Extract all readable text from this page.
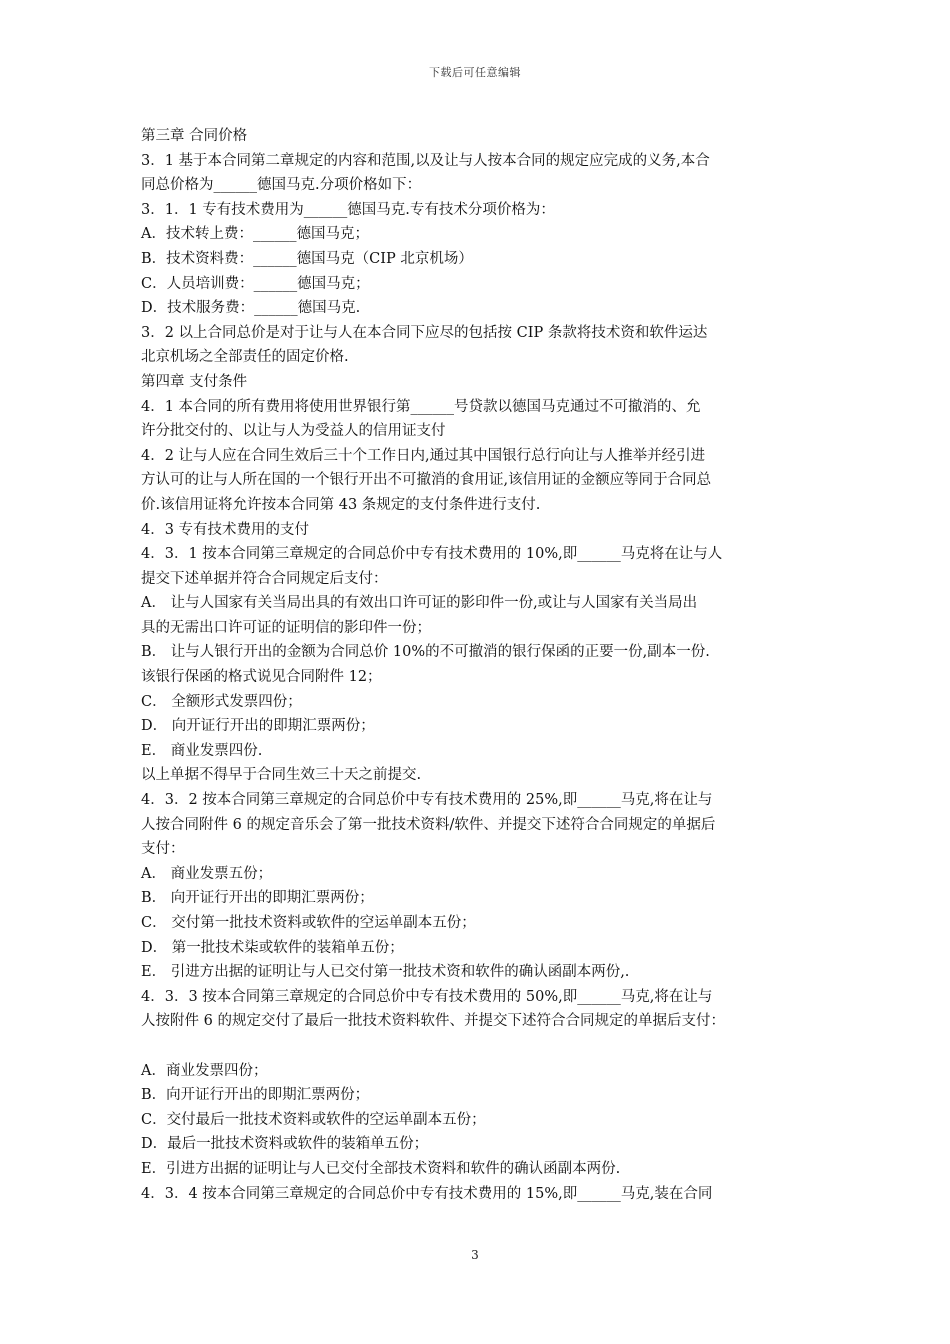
下载后可任意编辑
第三章 合同价格
3．1 基于本合同第二章规定的内容和范围,以及让与人按本合同的规定应完成的义务,本合
同总价格为______德国马克.分项价格如下：
3．1．1 专有技术费用为______德国马克.专有技术分项价格为：
A．技术转上费：______德国马克；
B．技术资料费：______德国马克（CIP 北京机场）
C．人员培训费：______德国马克；
D．技术服务费：______德国马克.
3．2 以上合同总价是对于让与人在本合同下应尽的包括按 CIP 条款将技术资和软件运达
北京机场之全部责任的固定价格.
第四章 支付条件
4．1 本合同的所有费用将使用世界银行第______号贷款以德国马克通过不可撤消的、允
许分批交付的、以让与人为受益人的信用证支付
4．2 让与人应在合同生效后三十个工作日内,通过其中国银行总行向让与人推举并经引进
方认可的让与人所在国的一个银行开出不可撤消的食用证,该信用证的金额应等同于合同总
价.该信用证将允许按本合同第 43 条规定的支付条件进行支付.
4．3 专有技术费用的支付
4．3．1 按本合同第三章规定的合同总价中专有技术费用的 10%,即______马克将在让与人
提交下述单据并符合合同规定后支付：
A． 让与人国家有关当局出具的有效出口许可证的影印件一份,或让与人国家有关当局出
具的无需出口许可证的证明信的影印件一份；
B． 让与人银行开出的金额为合同总价 10%的不可撤消的银行保函的正要一份,副本一份.
该银行保函的格式说见合同附件 12；
C． 全额形式发票四份；
D． 向开证行开出的即期汇票两份；
E． 商业发票四份.
以上单据不得早于合同生效三十天之前提交.
4．3．2 按本合同第三章规定的合同总价中专有技术费用的 25%,即______马克,将在让与
人按合同附件 6 的规定音乐会了第一批技术资料/软件、并提交下述符合合同规定的单据后
支付：
A． 商业发票五份；
B． 向开证行开出的即期汇票两份；
C． 交付第一批技术资料或软件的空运单副本五份；
D． 第一批技术柒或软件的装箱单五份；
E． 引进方出据的证明让与人已交付第一批技术资和软件的确认函副本两份,.
4．3．3 按本合同第三章规定的合同总价中专有技术费用的 50%,即______马克,将在让与
人按附件 6 的规定交付了最后一批技术资料软件、并提交下述符合合同规定的单据后支付：
A．商业发票四份；
B．向开证行开出的即期汇票两份；
C．交付最后一批技术资料或软件的空运单副本五份；
D．最后一批技术资料或软件的装箱单五份；
E．引进方出据的证明让与人已交付全部技术资料和软件的确认函副本两份.
4．3．4 按本合同第三章规定的合同总价中专有技术费用的 15%,即______马克,装在合同
3
